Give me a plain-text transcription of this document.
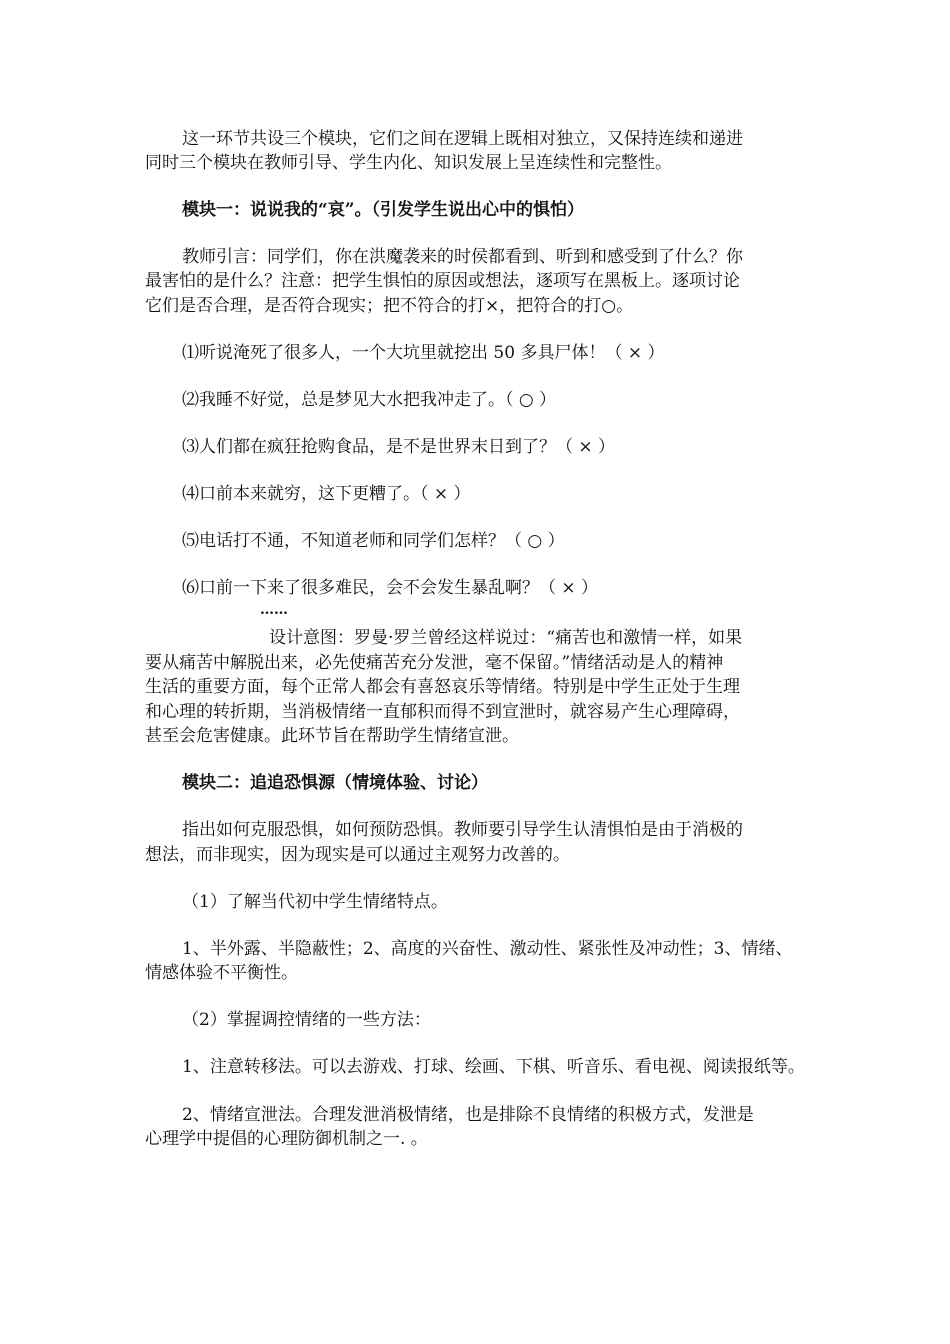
这一环节共设三个模块，它们之间在逻辑上既相对独立，又保持连续和递进
同时三个模块在教师引导、学生内化、知识发展上呈连续性和完整性。
模块一：说说我的“哀”。（引发学生说出心中的惧怕）
教师引言：同学们，你在洪魔袭来的时侯都看到、听到和感受到了什么？你
最害怕的是什么？注意：把学生惧怕的原因或想法，逐项写在黑板上。逐项讨论
它们是否合理，是否符合现实；把不符合的打×，把符合的打○。
⑴听说淹死了很多人，一个大坑里就挖出 50 多具尸体！（ × ）
⑵我睡不好觉，总是梦见大水把我冲走了。（ ○ ）
⑶人们都在疯狂抢购食品，是不是世界末日到了？（ × ）
⑷口前本来就穷，这下更糟了。（ × ）
⑸电话打不通，不知道老师和同学们怎样？（ ○ ）
⑹口前一下来了很多难民，会不会发生暴乱啊？（ × ）
……
设计意图：罗曼·罗兰曾经这样说过：“痛苦也和激情一样，如果
要从痛苦中解脱出来，必先使痛苦充分发泄，毫不保留。”情绪活动是人的精神
生活的重要方面，每个正常人都会有喜怒哀乐等情绪。特别是中学生正处于生理
和心理的转折期，当消极情绪一直郁积而得不到宣泄时，就容易产生心理障碍，
甚至会危害健康。此环节旨在帮助学生情绪宣泄。
模块二：追追恐惧源（情境体验、讨论）
指出如何克服恐惧，如何预防恐惧。教师要引导学生认清惧怕是由于消极的
想法，而非现实，因为现实是可以通过主观努力改善的。
（1）了解当代初中学生情绪特点。
1、半外露、半隐蔽性；2、高度的兴奋性、激动性、紧张性及冲动性；3、情绪、
情感体验不平衡性。
（2）掌握调控情绪的一些方法：
1、注意转移法。可以去游戏、打球、绘画、下棋、听音乐、看电视、阅读报纸等。
2、情绪宣泄法。合理发泄消极情绪，也是排除不良情绪的积极方式，发泄是
心理学中提倡的心理防御机制之一. 。
